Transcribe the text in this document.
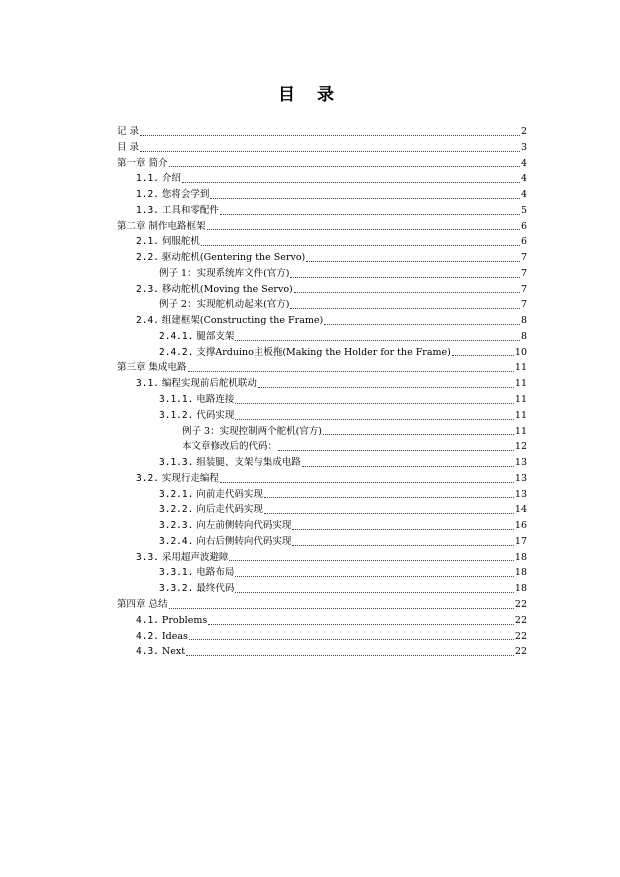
目 录
记 录	2
目 录	3
第一章 简介	4
1.1. 介绍	4
1.2. 您将会学到	4
1.3. 工具和零配件	5
第二章 制作电路框架	6
2.1. 伺服舵机	6
2.2. 驱动舵机(Gentering the Servo)	7
例子 1：实现系统库文件(官方)	7
2.3. 移动舵机(Moving the Servo)	7
例子 2：实现舵机动起来(官方)	7
2.4. 组建框架(Constructing the Frame)	8
2.4.1. 腿部支架	8
2.4.2. 支撑Arduino主板拖(Making the Holder for the Frame)	10
第三章 集成电路	11
3.1. 编程实现前后舵机联动	11
3.1.1. 电路连接	11
3.1.2. 代码实现	11
例子 3：实现控制两个舵机(官方)	11
本文章修改后的代码：	12
3.1.3. 组装腿、支架与集成电路	13
3.2. 实现行走编程	13
3.2.1. 向前走代码实现	13
3.2.2. 向后走代码实现	14
3.2.3. 向左前侧转向代码实现	16
3.2.4. 向右后侧转向代码实现	17
3.3. 采用超声波避障	18
3.3.1. 电路布局	18
3.3.2. 最终代码	18
第四章 总结	22
4.1. Problems	22
4.2. Ideas	22
4.3. Next	22
